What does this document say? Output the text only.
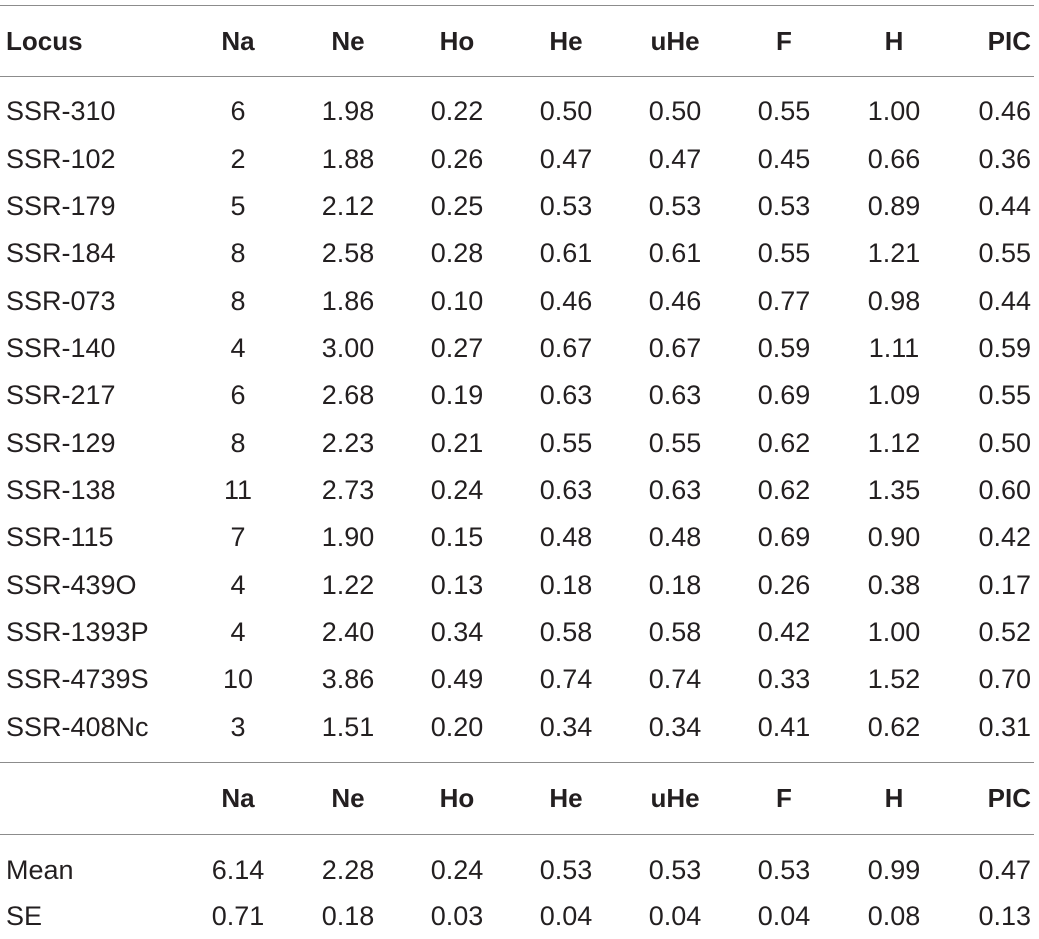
Locus	Na	Ne	Ho	He	uHe	F	H	PIC
SSR-310	6	1.98 0.22 0.50 0.50 0.55 1.00 0.46
SSR-102	2	1.88 0.26 0.47 0.47 0.45 0.66 0.36
SSR-179	5	2.12 0.25 0.53 0.53 0.53 0.89 0.44
SSR-184	8	2.58 0.28 0.61 0.61 0.55 1.21 0.55
SSR-073	8	1.86 0.10 0.46 0.46 0.77 0.98 0.44
SSR-140	4	3.00 0.27 0.67 0.67 0.59 1.11 0.59
SSR-217	6	2.68 0.19 0.63 0.63 0.69 1.09 0.55
SSR-129	8	2.23 0.21 0.55 0.55 0.62 1.12 0.50
SSR-138	11	2.73 0.24 0.63 0.63 0.62 1.35 0.60
SSR-115	7	1.90 0.15 0.48 0.48 0.69 0.90 0.42
SSR-439O	4	1.22 0.13 0.18 0.18 0.26 0.38 0.17
SSR-1393P	4	2.40 0.34 0.58 0.58 0.42 1.00 0.52
SSR-4739S	10	3.86 0.49 0.74 0.74 0.33 1.52 0.70
SSR-408Nc	3	1.51 0.20 0.34 0.34 0.41 0.62 0.31
Na	Ne	Ho	He	uHe	F	H	PIC
Mean	6.14 2.28 0.24 0.53 0.53 0.53 0.99 0.47
SE	0.71 0.18 0.03 0.04 0.04 0.04 0.08 0.13
